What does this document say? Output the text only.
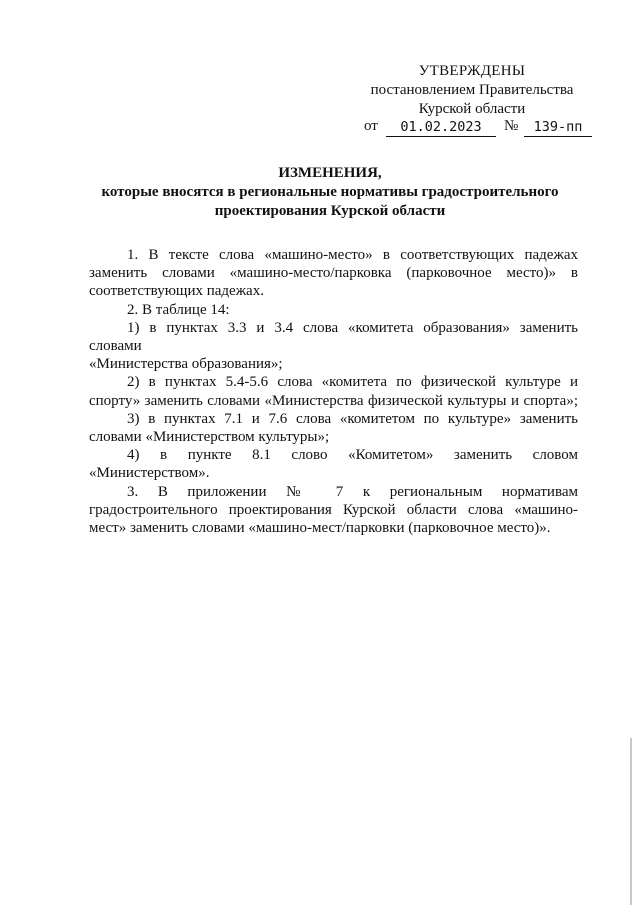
УТВЕРЖДЕНЫ
постановлением Правительства
Курской области
от	01.02.2023	№	139-пп
ИЗМЕНЕНИЯ,
которые вносятся в региональные нормативы градостроительного
проектирования Курской области

1. В тексте слова «машино-место» в соответствующих падежах

заменить словами «машино-место/парковка (парковочное место)» в

соответствующих падежах.

2. В таблице 14:

1) в пунктах 3.3 и 3.4 слова «комитета образования» заменить словами

«Министерства образования»;

2) в пунктах 5.4-5.6 слова «комитета по физической культуре и

спорту» заменить словами «Министерства физической культуры и спорта»;

3) в пунктах 7.1 и 7.6 слова «комитетом по культуре» заменить

словами «Министерством культуры»;

4) в пункте 8.1 слово «Комитетом» заменить словом

«Министерством».

3. В приложении № 7 к региональным нормативам

градостроительного проектирования Курской области слова «машино-

мест» заменить словами «машино-мест/парковки (парковочное место)».
